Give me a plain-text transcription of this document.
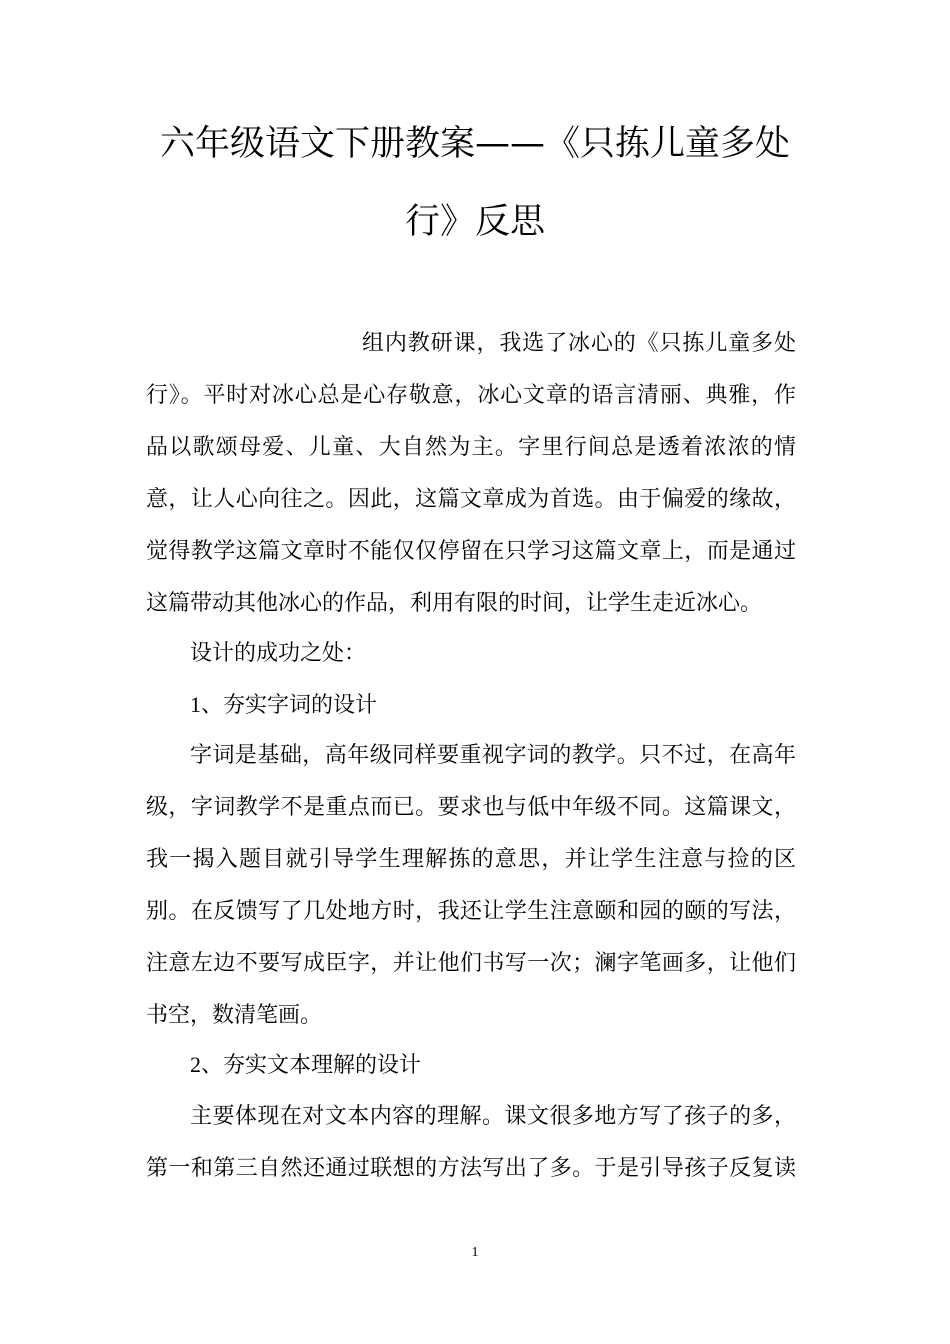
六年级语文下册教案——《只拣儿童多处
行》反思
组内教研课，我选了冰心的《只拣儿童多处
行》。平时对冰心总是心存敬意，冰心文章的语言清丽、典雅，作
品以歌颂母爱、儿童、大自然为主。字里行间总是透着浓浓的情
意，让人心向往之。因此，这篇文章成为首选。由于偏爱的缘故，
觉得教学这篇文章时不能仅仅停留在只学习这篇文章上，而是通过
这篇带动其他冰心的作品，利用有限的时间，让学生走近冰心。
设计的成功之处：
1、夯实字词的设计
字词是基础，高年级同样要重视字词的教学。只不过，在高年
级，字词教学不是重点而已。要求也与低中年级不同。这篇课文，
我一揭入题目就引导学生理解拣的意思，并让学生注意与捡的区
别。在反馈写了几处地方时，我还让学生注意颐和园的颐的写法，
注意左边不要写成臣字，并让他们书写一次；澜字笔画多，让他们
书空，数清笔画。
2、夯实文本理解的设计
主要体现在对文本内容的理解。课文很多地方写了孩子的多，
第一和第三自然还通过联想的方法写出了多。于是引导孩子反复读
1
